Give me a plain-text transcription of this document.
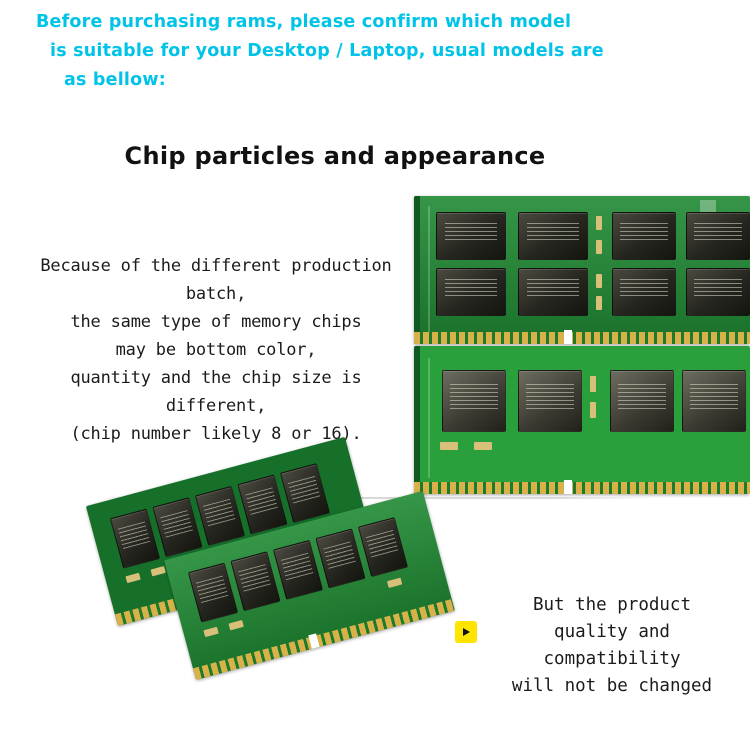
Before purchasing rams, please confirm which model
is suitable for your Desktop / Laptop, usual models are
as bellow:
Chip particles and appearance
Because of the different production batch,
the same type of memory chips
may be bottom color,
quantity and the chip size is different,
(chip number likely 8 or 16).
But the product
quality and compatibility
will not be changed
